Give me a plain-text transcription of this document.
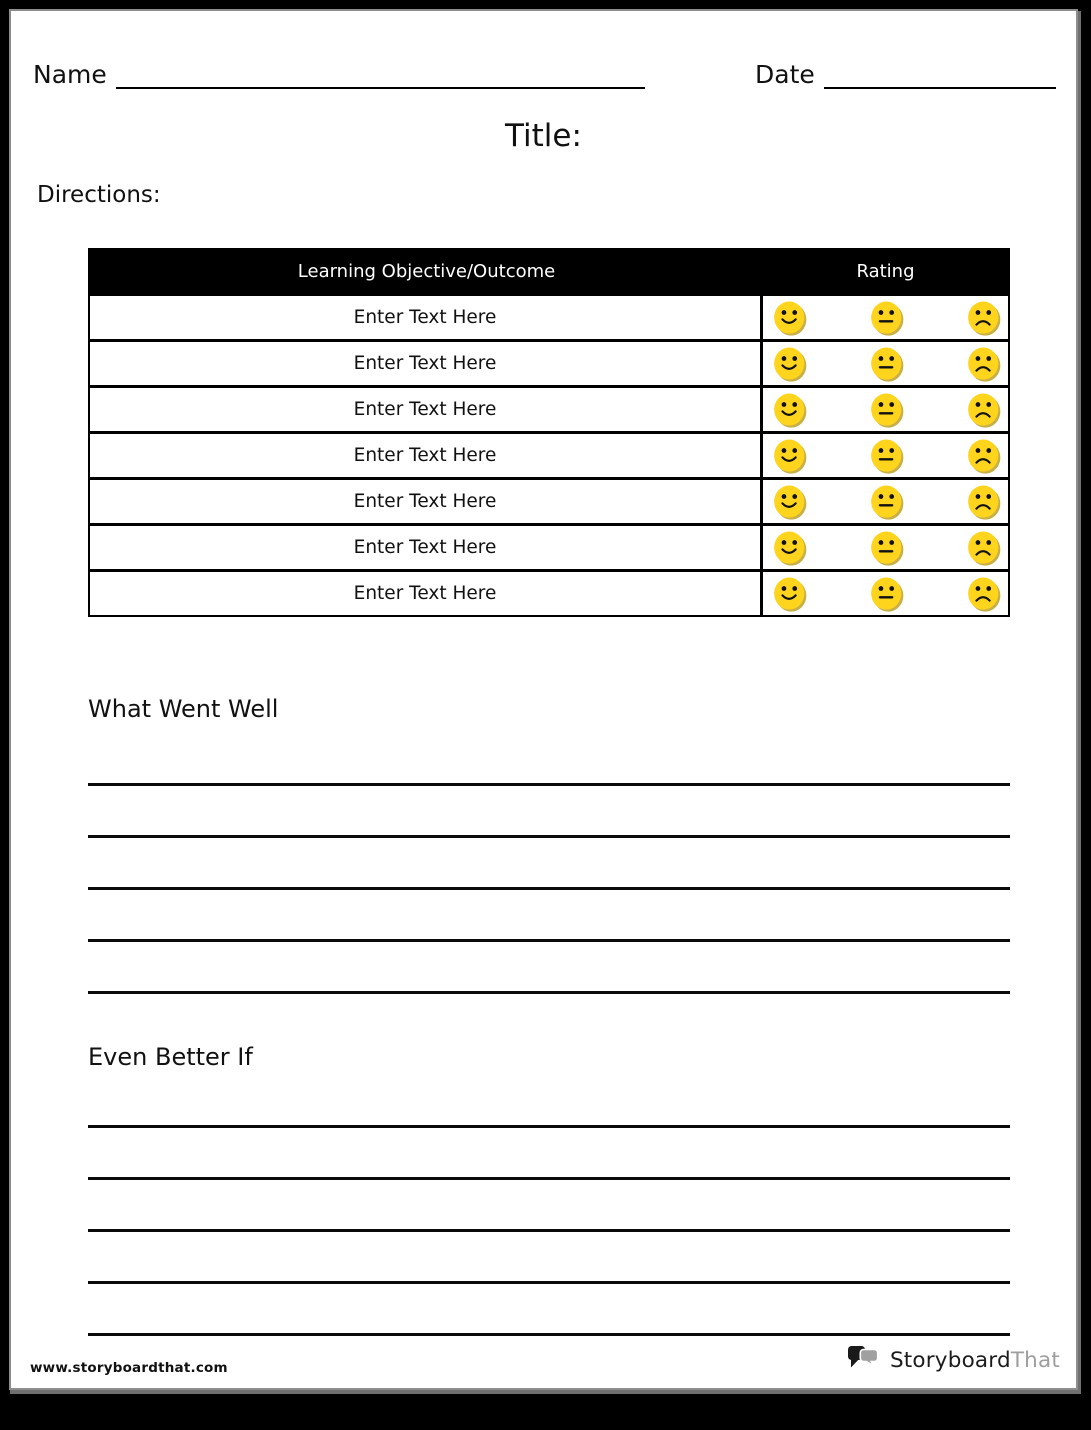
Name	Date
Title:
Directions:
Learning Objective/Outcome	Rating
Enter Text Here
Enter Text Here
Enter Text Here
Enter Text Here
Enter Text Here
Enter Text Here
Enter Text Here
What Went Well
Even Better If
www.storyboardthat.com	StoryboardThat
